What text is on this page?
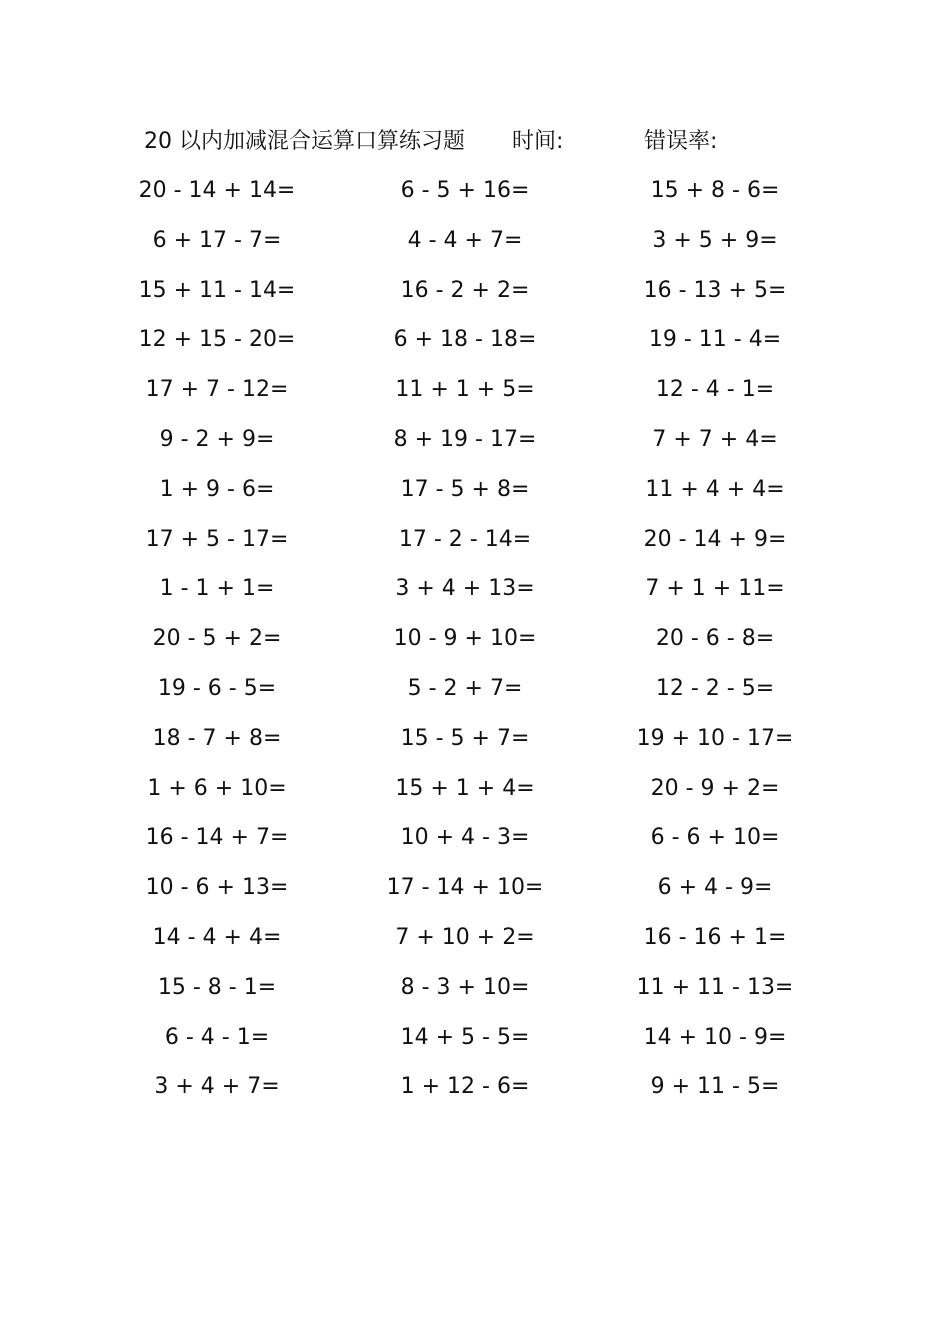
20 以内加减混合运算口算练习题 时间:	错误率:
20 - 14 + 14=	6 - 5 + 16=	15 + 8 - 6=
6 + 17 - 7=	4 - 4 + 7=	3 + 5 + 9=
15 + 11 - 14=	16 - 2 + 2=	16 - 13 + 5=
12 + 15 - 20=	6 + 18 - 18=	19 - 11 - 4=
17 + 7 - 12=	11 + 1 + 5=	12 - 4 - 1=
9 - 2 + 9=	8 + 19 - 17=	7 + 7 + 4=
1 + 9 - 6=	17 - 5 + 8=	11 + 4 + 4=
17 + 5 - 17=	17 - 2 - 14=	20 - 14 + 9=
1 - 1 + 1=	3 + 4 + 13=	7 + 1 + 11=
20 - 5 + 2=	10 - 9 + 10=	20 - 6 - 8=
19 - 6 - 5=	5 - 2 + 7=	12 - 2 - 5=
18 - 7 + 8=	15 - 5 + 7=	19 + 10 - 17=
1 + 6 + 10=	15 + 1 + 4=	20 - 9 + 2=
16 - 14 + 7=	10 + 4 - 3=	6 - 6 + 10=
10 - 6 + 13=	17 - 14 + 10=	6 + 4 - 9=
14 - 4 + 4=	7 + 10 + 2=	16 - 16 + 1=
15 - 8 - 1=	8 - 3 + 10=	11 + 11 - 13=
6 - 4 - 1=	14 + 5 - 5=	14 + 10 - 9=
3 + 4 + 7=	1 + 12 - 6=	9 + 11 - 5=
